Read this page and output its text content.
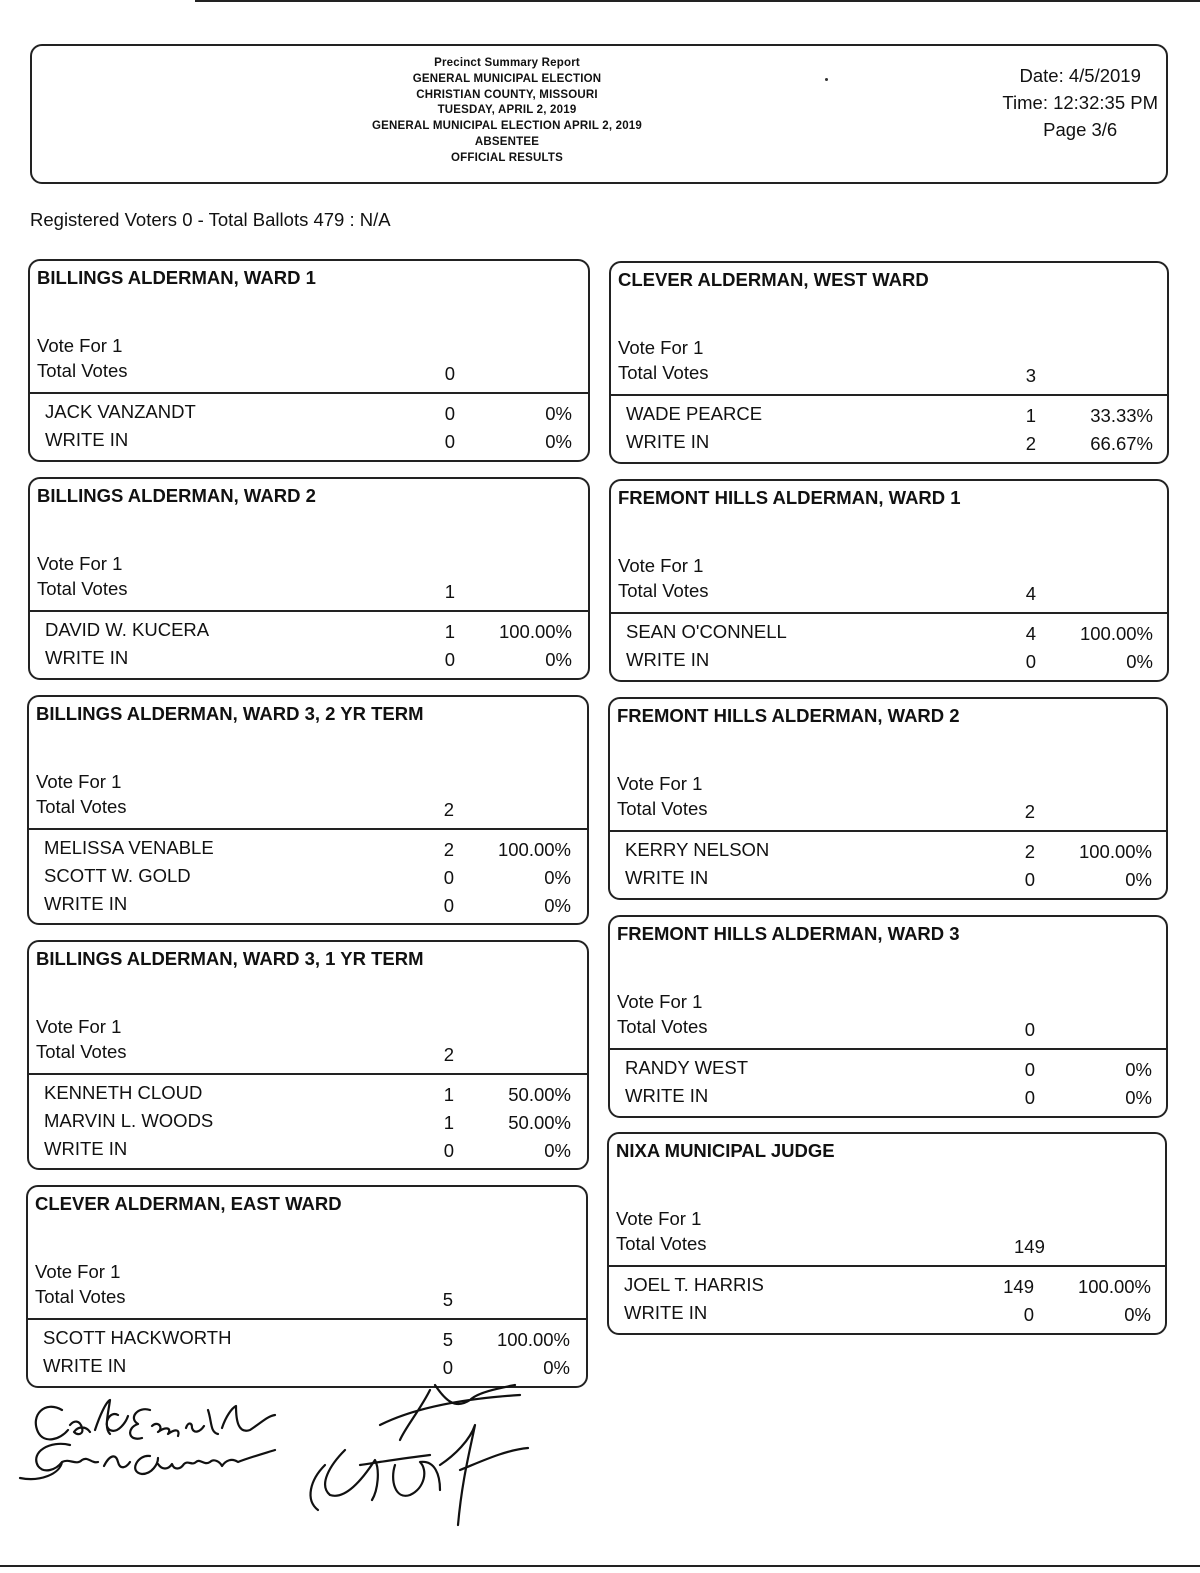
Precinct Summary Report
GENERAL MUNICIPAL ELECTION
CHRISTIAN COUNTY, MISSOURI
TUESDAY, APRIL 2, 2019
GENERAL MUNICIPAL ELECTION APRIL 2, 2019
ABSENTEE
OFFICIAL RESULTS
Date: 4/5/2019
Time: 12:32:35 PM
Page 3/6
Registered Voters 0 - Total Ballots 479 : N/A
BILLINGS ALDERMAN, WARD 1
Vote For 1
Total Votes	0
JACK VANZANDT	0	0%
WRITE IN	0	0%
BILLINGS ALDERMAN, WARD 2
Vote For 1
Total Votes	1
DAVID W. KUCERA	1	100.00%
WRITE IN	0	0%
BILLINGS ALDERMAN, WARD 3, 2 YR TERM
Vote For 1
Total Votes	2
MELISSA VENABLE	2	100.00%
SCOTT W. GOLD	0	0%
WRITE IN	0	0%
BILLINGS ALDERMAN, WARD 3, 1 YR TERM
Vote For 1
Total Votes	2
KENNETH CLOUD	1	50.00%
MARVIN L. WOODS	1	50.00%
WRITE IN	0	0%
CLEVER ALDERMAN, EAST WARD
Vote For 1
Total Votes	5
SCOTT HACKWORTH	5	100.00%
WRITE IN	0	0%
CLEVER ALDERMAN, WEST WARD
Vote For 1
Total Votes	3
WADE PEARCE	1	33.33%
WRITE IN	2	66.67%
FREMONT HILLS ALDERMAN, WARD 1
Vote For 1
Total Votes	4
SEAN O'CONNELL	4	100.00%
WRITE IN	0	0%
FREMONT HILLS ALDERMAN, WARD 2
Vote For 1
Total Votes	2
KERRY NELSON	2	100.00%
WRITE IN	0	0%
FREMONT HILLS ALDERMAN, WARD 3
Vote For 1
Total Votes	0
RANDY WEST	0	0%
WRITE IN	0	0%
NIXA MUNICIPAL JUDGE
Vote For 1
Total Votes	149
JOEL T. HARRIS	149	100.00%
WRITE IN	0	0%
